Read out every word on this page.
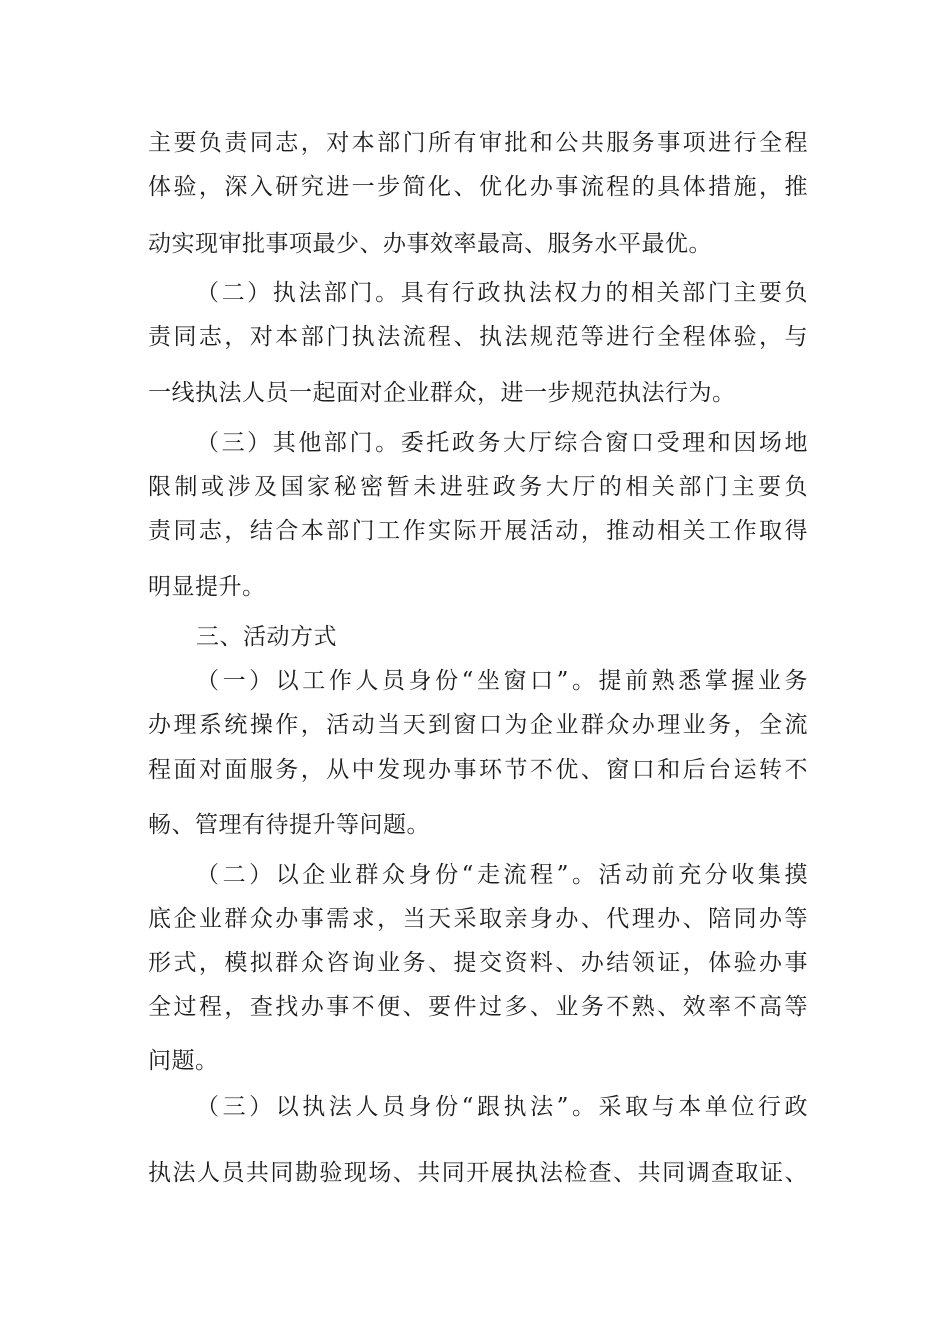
主要负责同志，对本部门所有审批和公共服务事项进行全程
体验，深入研究进一步简化、优化办事流程的具体措施，推
动实现审批事项最少、办事效率最高、服务水平最优。
（二）执法部门。具有行政执法权力的相关部门主要负
责同志，对本部门执法流程、执法规范等进行全程体验，与
一线执法人员一起面对企业群众，进一步规范执法行为。
（三）其他部门。委托政务大厅综合窗口受理和因场地
限制或涉及国家秘密暂未进驻政务大厅的相关部门主要负
责同志，结合本部门工作实际开展活动，推动相关工作取得
明显提升。
三、活动方式
（一）以工作人员身份“坐窗口”。提前熟悉掌握业务
办理系统操作，活动当天到窗口为企业群众办理业务，全流
程面对面服务，从中发现办事环节不优、窗口和后台运转不
畅、管理有待提升等问题。
（二）以企业群众身份“走流程”。活动前充分收集摸
底企业群众办事需求，当天采取亲身办、代理办、陪同办等
形式，模拟群众咨询业务、提交资料、办结领证，体验办事
全过程，查找办事不便、要件过多、业务不熟、效率不高等
问题。
（三）以执法人员身份“跟执法”。采取与本单位行政
执法人员共同勘验现场、共同开展执法检查、共同调查取证、
